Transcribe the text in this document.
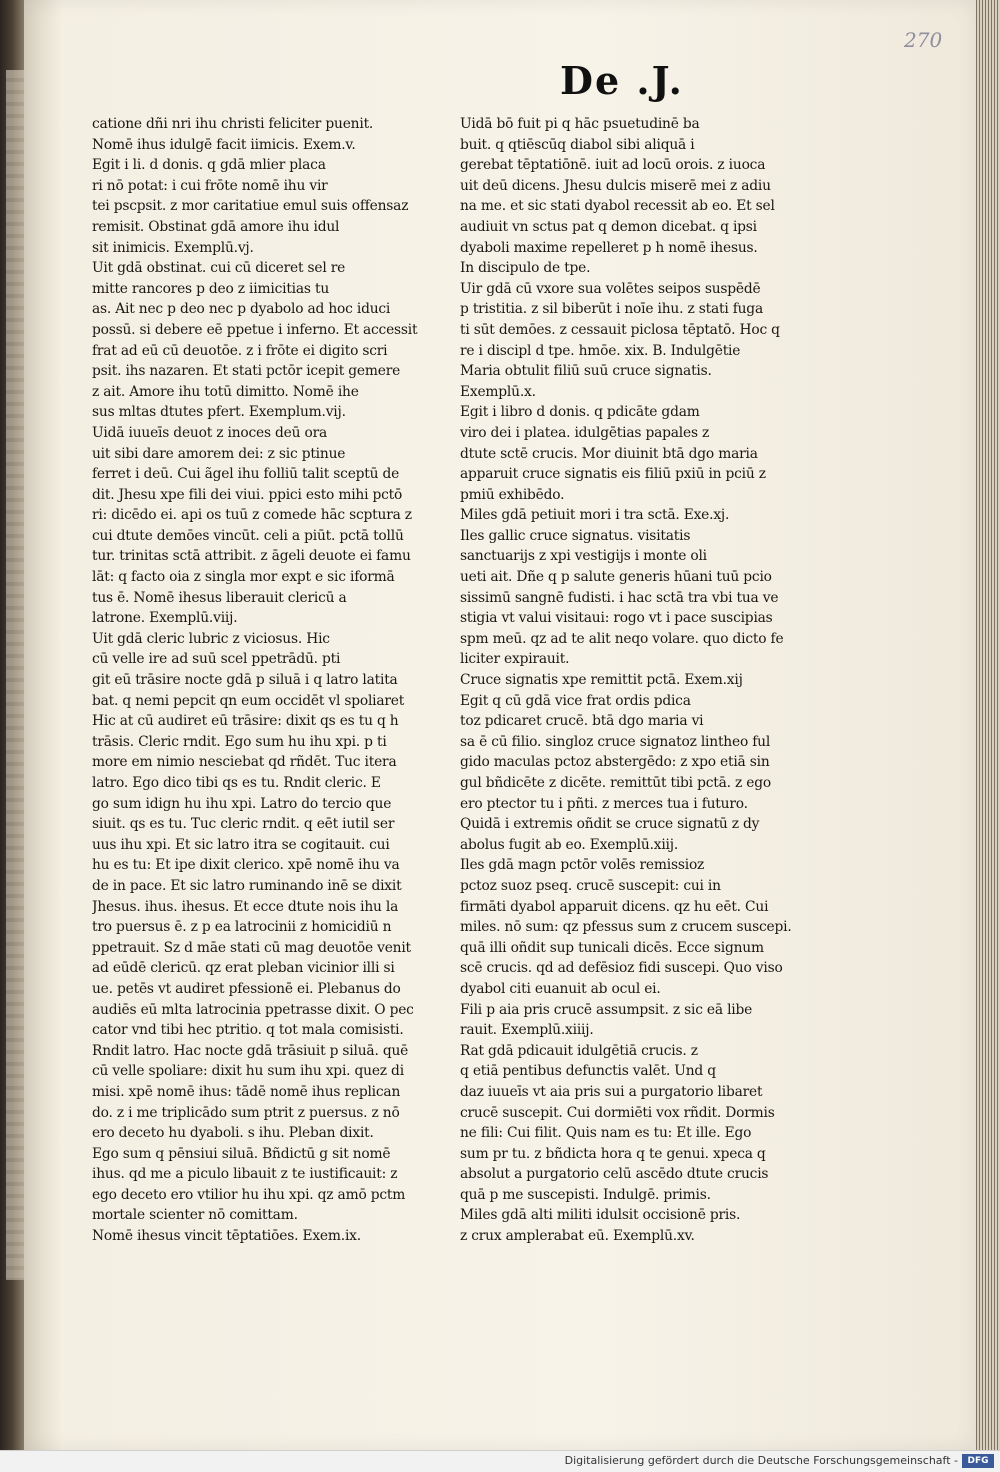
270
De .J.
catione dñi nri ihu christi feliciter puenit.
Nomē ihus idulgē facit iimicis. Exem.v.
Egit i li. d donis. q gdā mlier placa
ri nō potat: i cui frōte nomē ihu vir
tei pscpsit. z mor caritatiue emul suis offensaz
remisit. Obstinat gdā amore ihu idul
sit inimicis. Exemplū.vj.
Uit gdā obstinat. cui cū diceret sel re
mitte rancores p deo z iimicitias tu
as. Ait nec p deo nec p dyabolo ad hoc iduci
possū. si debere eē ppetue i inferno. Et accessit
frat ad eū cū deuotōe. z i frōte ei digito scri
psit. ihs nazaren. Et stati pctōr icepit gemere
z ait. Amore ihu totū dimitto. Nomē ihe
sus mltas dtutes pfert. Exemplum.vij.
Uidā iuueīs deuot z inoces deū ora
uit sibi dare amorem dei: z sic ptinue
ferret i deū. Cui ãgel ihu folliū talit sceptū de
dit. Jhesu xpe fili dei viui. ppici esto mihi pctō
ri: dicēdo ei. api os tuū z comede hāc scptura z
cui dtute demōes vincūt. celi a piūt. pctā tollū
tur. trinitas sctā attribit. z āgeli deuote ei famu
lāt: q facto oia z singla mor expt e sic iformā
tus ē. Nomē ihesus liberauit clericū a
latrone. Exemplū.viij.
Uit gdā cleric lubric z viciosus. Hic
cū velle ire ad suū scel ppetrādū. pti
git eū trāsire nocte gdā p siluā i q latro latita
bat. q nemi pepcit qn eum occidēt vl spoliaret
Hic at cū audiret eū trāsire: dixit qs es tu q h
trāsis. Cleric rndit. Ego sum hu ihu xpi. p ti
more em nimio nesciebat qd rñdēt. Tuc itera
latro. Ego dico tibi qs es tu. Rndit cleric. E
go sum idign hu ihu xpi. Latro do tercio que
siuit. qs es tu. Tuc cleric rndit. q eēt iutil ser
uus ihu xpi. Et sic latro itra se cogitauit. cui
hu es tu: Et ipe dixit clerico. xpē nomē ihu va
de in pace. Et sic latro ruminando inē se dixit
Jhesus. ihus. ihesus. Et ecce dtute nois ihu la
tro puersus ē. z p ea latrocinii z homicidiū n
ppetrauit. Sz d māe stati cū mag deuotōe venit
ad eūdē clericū. qz erat pleban vicinior illi si
ue. petēs vt audiret pfessionē ei. Plebanus do
audiēs eū mlta latrocinia ppetrasse dixit. O pec
cator vnd tibi hec ptritio. q tot mala comisisti.
Rndit latro. Hac nocte gdā trāsiuit p siluā. quē
cū velle spoliare: dixit hu sum ihu xpi. quez di
misi. xpē nomē ihus: tādē nomē ihus replican
do. z i me triplicādo sum ptrit z puersus. z nō
ero deceto hu dyaboli. s ihu. Pleban dixit.
Ego sum q pēnsiui siluā. Bñdictū g sit nomē
ihus. qd me a piculo libauit z te iustificauit: z
ego deceto ero vtilior hu ihu xpi. qz amō pctm
mortale scienter nō comittam.
Nomē ihesus vincit tēptatiōes. Exem.ix.
Uidā bō fuit pi q hāc psuetudinē ba
buit. q qtiēscūq diabol sibi aliquā i
gerebat tēptatiōnē. iuit ad locū orois. z iuoca
uit deū dicens. Jhesu dulcis miserē mei z adiu
na me. et sic stati dyabol recessit ab eo. Et sel
audiuit vn sctus pat q demon dicebat. q ipsi
dyaboli maxime repelleret p h nomē ihesus.
In discipulo de tpe.
Uir gdā cū vxore sua volētes seipos suspēdē
p tristitia. z sil biberūt i noīe ihu. z stati fuga
ti sūt demōes. z cessauit piclosa tēptatō. Hoc q
re i discipl d tpe. hmōe. xix. B. Indulgētie
Maria obtulit filiū suū cruce signatis.
Exemplū.x.
Egit i libro d donis. q pdicāte gdam
viro dei i platea. idulgētias papales z
dtute sctē crucis. Mor diuinit btā dgo maria
apparuit cruce signatis eis filiū pxiū in pciū z
pmiū exhibēdo.
Miles gdā petiuit mori i tra sctā. Exe.xj.
Iles gallic cruce signatus. visitatis
sanctuarijs z xpi vestigijs i monte oli
ueti ait. Dñe q p salute generis hūani tuū pcio
sissimū sangnē fudisti. i hac sctā tra vbi tua ve
stigia vt valui visitaui: rogo vt i pace suscipias
spm meū. qz ad te alit neqo volare. quo dicto fe
liciter expirauit.
Cruce signatis xpe remittit pctā. Exem.xij
Egit q cū gdā vice frat ordis pdica
toz pdicaret crucē. btā dgo maria vi
sa ē cū filio. singloz cruce signatoz lintheo ful
gido maculas pctoz abstergēdo: z xpo etiā sin
gul bñdicēte z dicēte. remittūt tibi pctā. z ego
ero ptector tu i pñti. z merces tua i futuro.
Quidā i extremis oñdit se cruce signatū z dy
abolus fugit ab eo. Exemplū.xiij.
Iles gdā magn pctōr volēs remissioz
pctoz suoz pseq. crucē suscepit: cui in
firmāti dyabol apparuit dicens. qz hu eēt. Cui
miles. nō sum: qz pfessus sum z crucem suscepi.
quā illi oñdit sup tunicali dicēs. Ecce signum
scē crucis. qd ad defēsioz fidi suscepi. Quo viso
dyabol citi euanuit ab ocul ei.
Fili p aia pris crucē assumpsit. z sic eā libe
rauit. Exemplū.xiiij.
Rat gdā pdicauit idulgētiā crucis. z
q etiā pentibus defunctis valēt. Und q
daz iuueīs vt aia pris sui a purgatorio libaret
crucē suscepit. Cui dormiēti vox rñdit. Dormis
ne fili: Cui filit. Quis nam es tu: Et ille. Ego
sum pr tu. z bñdicta hora q te genui. xpeca q
absolut a purgatorio celū ascēdo dtute crucis
quā p me suscepisti. Indulgē. primis.
Miles gdā alti militi idulsit occisionē pris.
z crux amplerabat eū. Exemplū.xv.
Digitalisierung gefördert durch die Deutsche Forschungsgemeinschaft -	DFG
